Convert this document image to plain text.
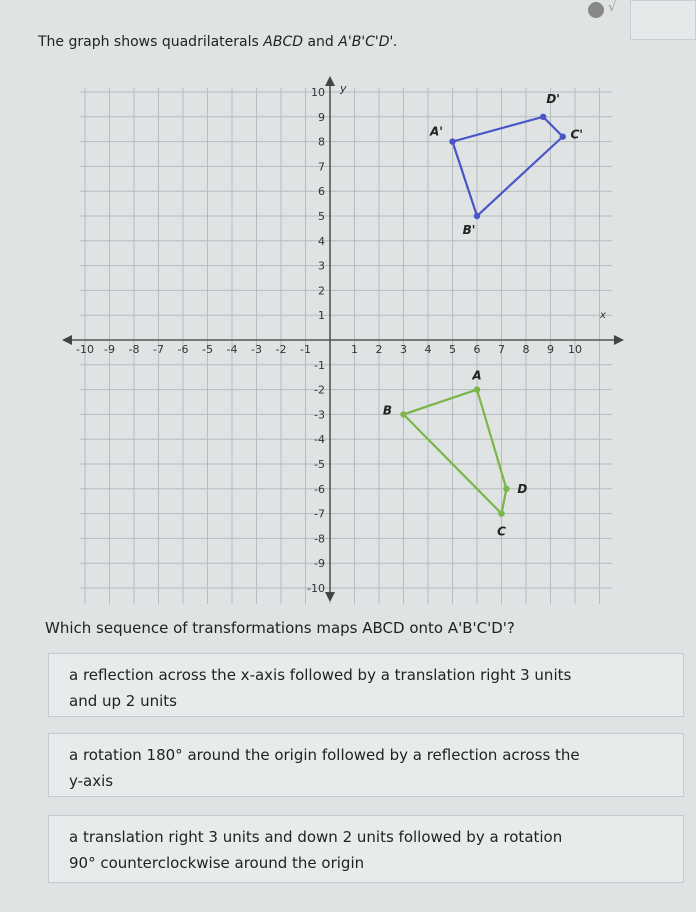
√
The graph shows quadrilaterals ABCD and A'B'C'D'.
x
y
-10 -9 -8 -7 -6 -5 -4 -3 -2 -1	1 2 3 4 5 6 7 8 9 10
10
9
8
7
6
5
4
3
2
1
-1
-2
-3
-4
-5
-6
-7
-8
-9
-10
A
B
C
D
A'
B'
C'
D'
Which sequence of transformations maps ABCD onto A'B'C'D'?
a reflection across the x-axis followed by a translation right 3 units
and up 2 units
a rotation 180° around the origin followed by a reflection across the
y-axis
a translation right 3 units and down 2 units followed by a rotation
90° counterclockwise around the origin
